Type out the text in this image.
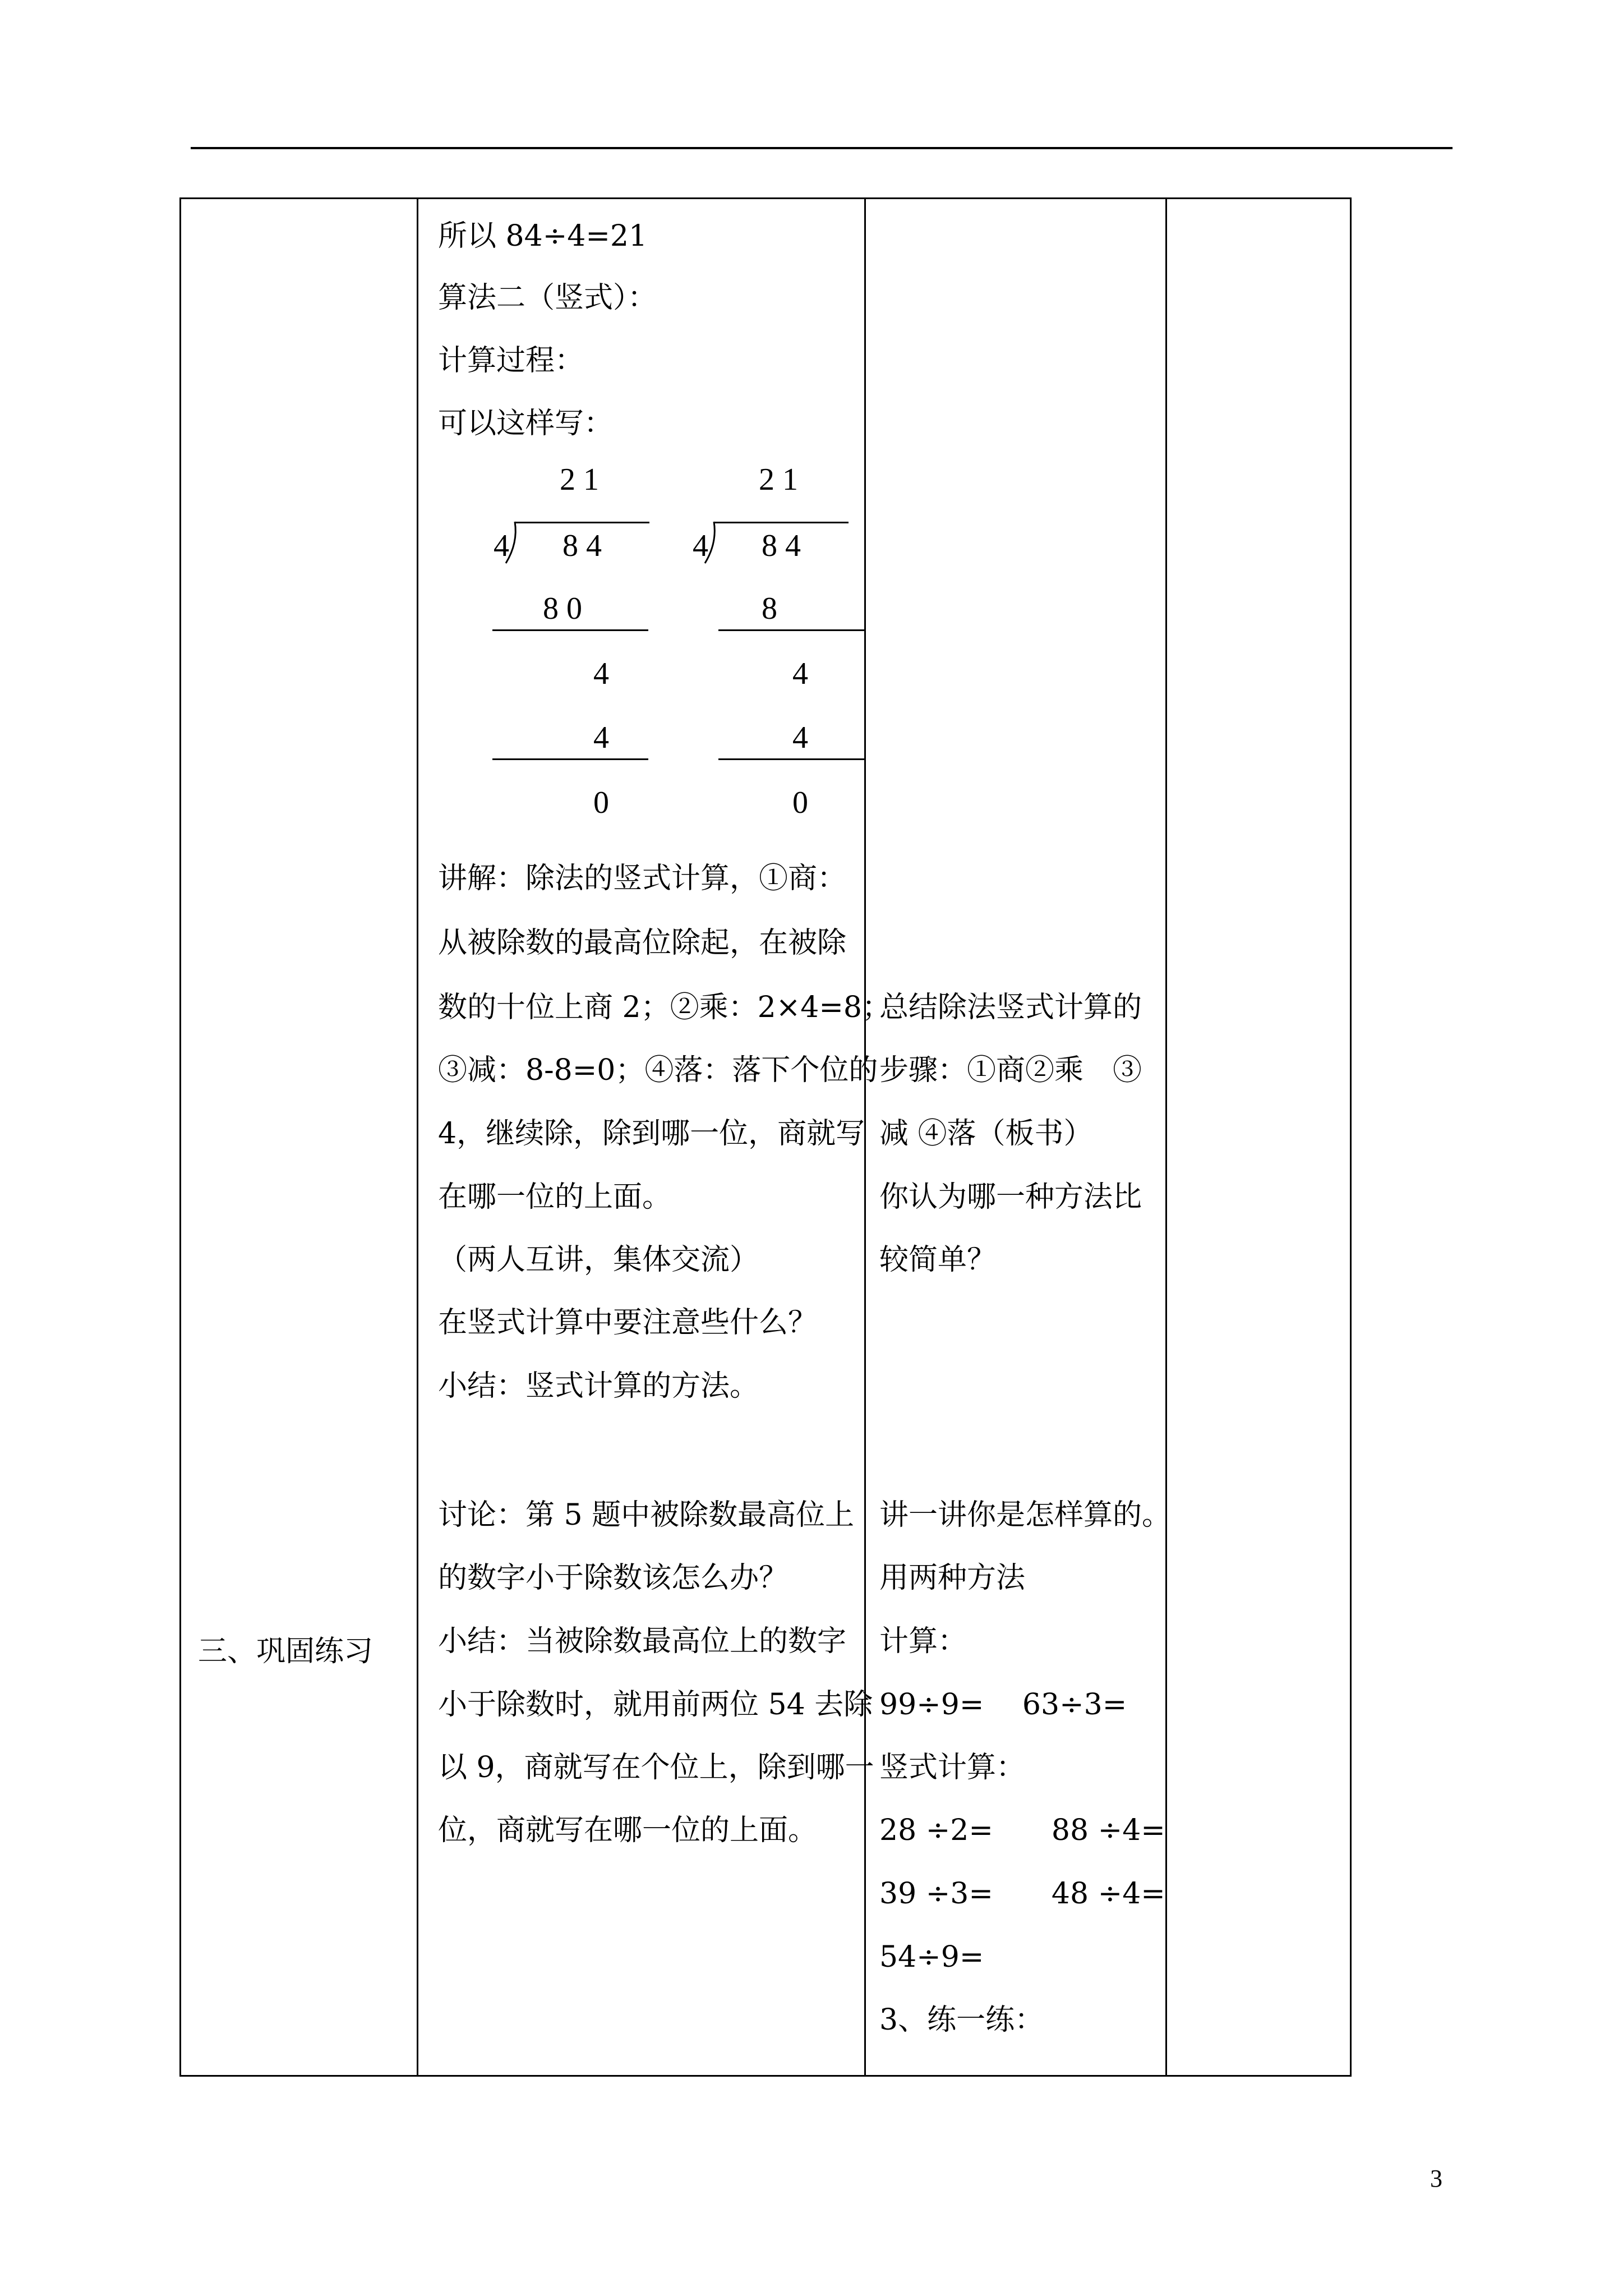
三、巩固练习
所以 84÷4=21
算法二（竖式）：
计算过程：
可以这样写：
2 1
4 8 4
8 0
4
4
0
2 1
4 8 4
8
4
4
0
讲解：除法的竖式计算，①商：
从被除数的最高位除起，在被除
数的十位上商 2；②乘：2×4=8；
③减：8-8=0；④落：落下个位的
4，继续除，除到哪一位，商就写
在哪一位的上面。
（两人互讲，集体交流）
在竖式计算中要注意些什么？
小结：竖式计算的方法。
讨论：第 5 题中被除数最高位上
的数字小于除数该怎么办？
小结：当被除数最高位上的数字
小于除数时，就用前两位 54 去除
以 9，商就写在个位上，除到哪一
位，商就写在哪一位的上面。
总结除法竖式计算的
步骤：①商②乘　③
减 ④落（板书）
你认为哪一种方法比
较简单？
讲一讲你是怎样算的。
用两种方法
计算：
99÷9=　 63÷3=
竖式计算：
28 ÷2=　　88 ÷4=
39 ÷3=　　48 ÷4=
54÷9=
3、练一练：
3
